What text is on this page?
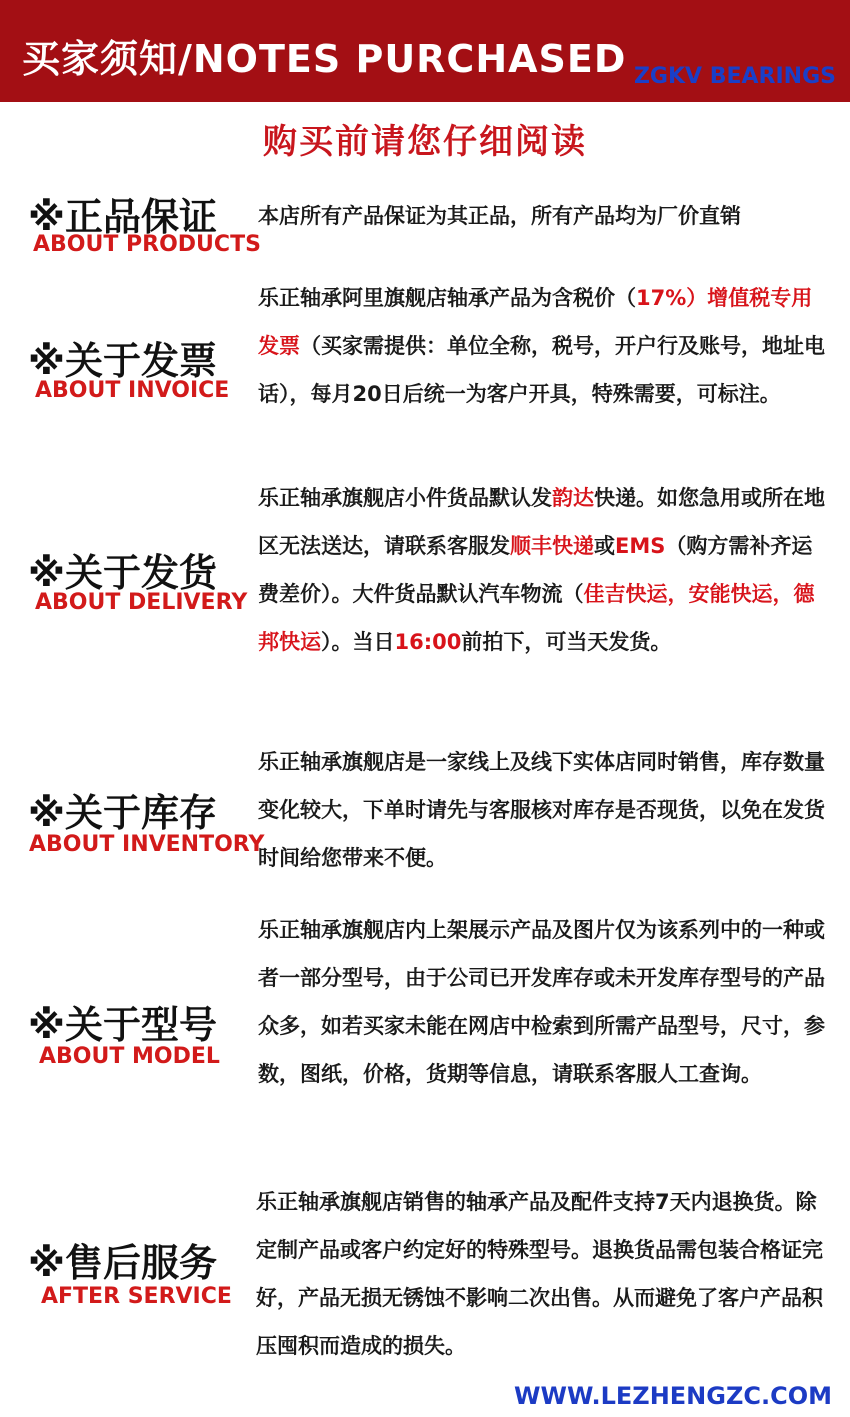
买家须知/NOTES PURCHASED ZGKV BEARINGS
购买前请您仔细阅读
※正品保证
ABOUT PRODUCTS
本店所有产品保证为其正品，所有产品均为厂价直销
※关于发票
ABOUT INVOICE
乐正轴承阿里旗舰店轴承产品为含税价（17%）增值税专用发票（买家需提供：单位全称，税号，开户行及账号，地址电话），每月20日后统一为客户开具，特殊需要，可标注。
※关于发货
ABOUT DELIVERY
乐正轴承旗舰店小件货品默认发韵达快递。如您急用或所在地区无法送达，请联系客服发顺丰快递或EMS（购方需补齐运费差价）。大件货品默认汽车物流（佳吉快运，安能快运，德邦快运）。当日16:00前拍下，可当天发货。
※关于库存
ABOUT INVENTORY
乐正轴承旗舰店是一家线上及线下实体店同时销售，库存数量变化较大，下单时请先与客服核对库存是否现货，以免在发货时间给您带来不便。
※关于型号
ABOUT MODEL
乐正轴承旗舰店内上架展示产品及图片仅为该系列中的一种或者一部分型号，由于公司已开发库存或未开发库存型号的产品众多，如若买家未能在网店中检索到所需产品型号，尺寸，参数，图纸，价格，货期等信息，请联系客服人工查询。
※售后服务
AFTER SERVICE
乐正轴承旗舰店销售的轴承产品及配件支持7天内退换货。除定制产品或客户约定好的特殊型号。退换货品需包装合格证完好，产品无损无锈蚀不影响二次出售。从而避免了客户产品积压囤积而造成的损失。
WWW.LEZHENGZC.COM
